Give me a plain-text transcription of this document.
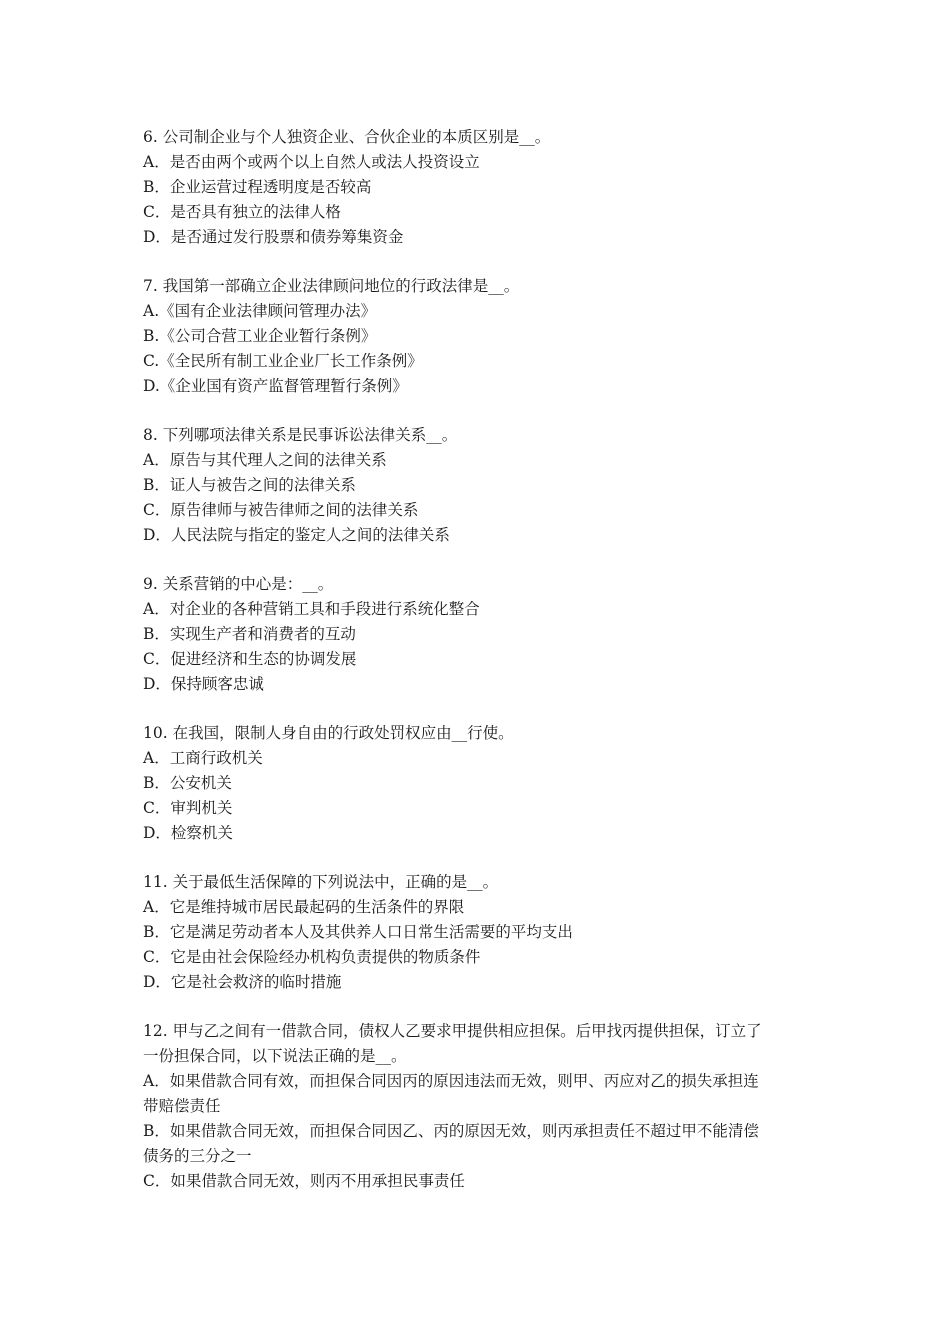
6. 公司制企业与个人独资企业、合伙企业的本质区别是__。

A．是否由两个或两个以上自然人或法人投资设立

B．企业运营过程透明度是否较高

C．是否具有独立的法律人格

D．是否通过发行股票和债券筹集资金

7. 我国第一部确立企业法律顾问地位的行政法律是__。

A.《国有企业法律顾问管理办法》

B.《公司合营工业企业暂行条例》

C.《全民所有制工业企业厂长工作条例》

D.《企业国有资产监督管理暂行条例》

8. 下列哪项法律关系是民事诉讼法律关系__。

A．原告与其代理人之间的法律关系

B．证人与被告之间的法律关系

C．原告律师与被告律师之间的法律关系

D．人民法院与指定的鉴定人之间的法律关系

9. 关系营销的中心是：__。

A．对企业的各种营销工具和手段进行系统化整合

B．实现生产者和消费者的互动

C．促进经济和生态的协调发展

D．保持顾客忠诚

10. 在我国，限制人身自由的行政处罚权应由__行使。

A．工商行政机关

B．公安机关

C．审判机关

D．检察机关

11. 关于最低生活保障的下列说法中，正确的是__。

A．它是维持城市居民最起码的生活条件的界限

B．它是满足劳动者本人及其供养人口日常生活需要的平均支出

C．它是由社会保险经办机构负责提供的物质条件

D．它是社会救济的临时措施

12. 甲与乙之间有一借款合同，债权人乙要求甲提供相应担保。后甲找丙提供担保，订立了

一份担保合同，以下说法正确的是__。

A．如果借款合同有效，而担保合同因丙的原因违法而无效，则甲、丙应对乙的损失承担连

带赔偿责任

B．如果借款合同无效，而担保合同因乙、丙的原因无效，则丙承担责任不超过甲不能清偿

债务的三分之一

C．如果借款合同无效，则丙不用承担民事责任
